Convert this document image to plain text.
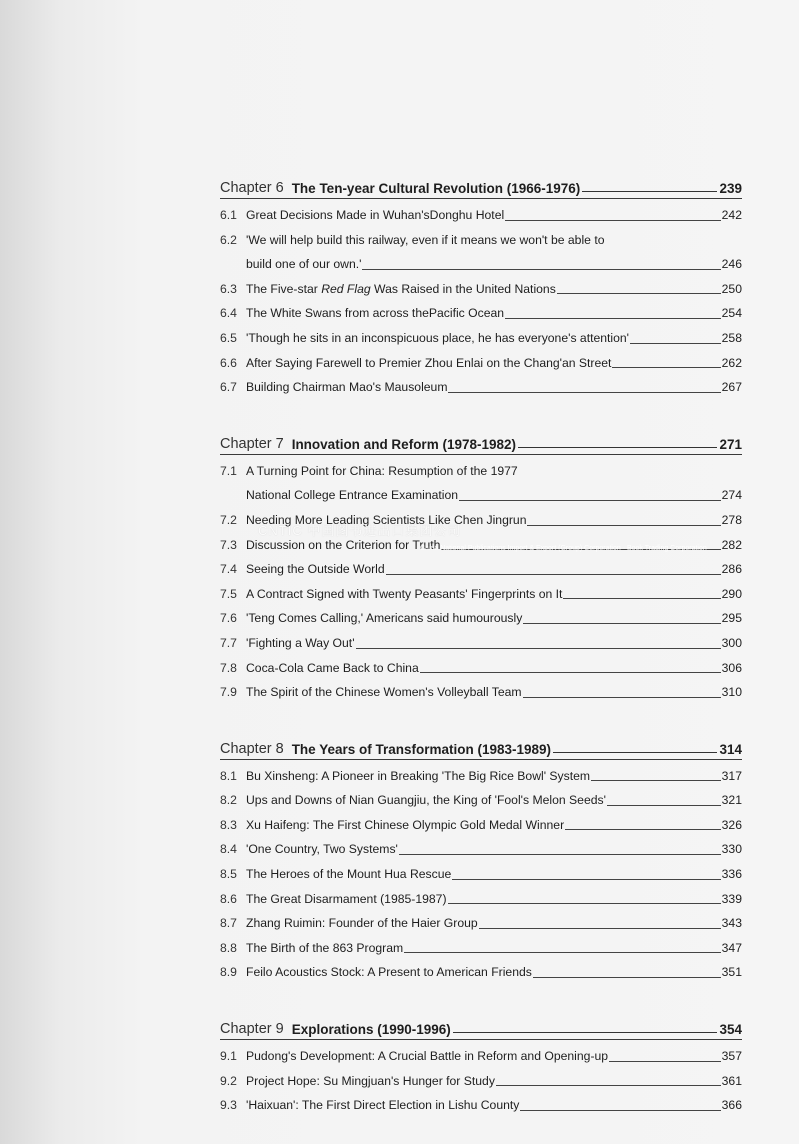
Chapter 6 The Ten-year Cultural Revolution (1966-1976)	239
6.1 Great Decisions Made in Wuhan'sDonghu Hotel	242
6.2 'We will help build this railway, even if it means we won't be able to
build one of our own.'	246
6.3 The Five-star Red Flag Was Raised in the United Nations	250
6.4 The White Swans from across thePacific Ocean	254
6.5 'Though he sits in an inconspicuous place, he has everyone's attention'	258
6.6 After Saying Farewell to Premier Zhou Enlai on the Chang'an Street	262
6.7 Building Chairman Mao's Mausoleum	267
Chapter 7 Innovation and Reform (1978-1982)	271
7.1 A Turning Point for China: Resumption of the 1977
National College Entrance Examination	274
7.2 Needing More Leading Scientists Like Chen Jingrun	278
7.3 Discussion on the Criterion for Truth	282
7.4 Seeing the Outside World	286
7.5 A Contract Signed with Twenty Peasants' Fingerprints on It	290
7.6 'Teng Comes Calling,' Americans said humourously	295
7.7 'Fighting a Way Out'	300
7.8 Coca-Cola Came Back to China	306
7.9 The Spirit of the Chinese Women's Volleyball Team	310
Chapter 8 The Years of Transformation (1983-1989)	314
8.1 Bu Xinsheng: A Pioneer in Breaking 'The Big Rice Bowl' System	317
8.2 Ups and Downs of Nian Guangjiu, the King of 'Fool's Melon Seeds'	321
8.3 Xu Haifeng: The First Chinese Olympic Gold Medal Winner	326
8.4 'One Country, Two Systems'	330
8.5 The Heroes of the Mount Hua Rescue	336
8.6 The Great Disarmament (1985-1987)	339
8.7 Zhang Ruimin: Founder of the Haier Group	343
8.8 The Birth of the 863 Program	347
8.9 Feilo Acoustics Stock: A Present to American Friends	351
Chapter 9 Explorations (1990-1996)	354
9.1 Pudong's Development: A Crucial Battle in Reform and Opening-up	357
9.2 Project Hope: Su Mingjuan's Hunger for Study	361
9.3 'Haixuan': The First Direct Election in Lishu County	366
CNTIC 中国图书进出口集团公司
China National Publications Import & Export (Group) Corporation · Book Trading Corporation
